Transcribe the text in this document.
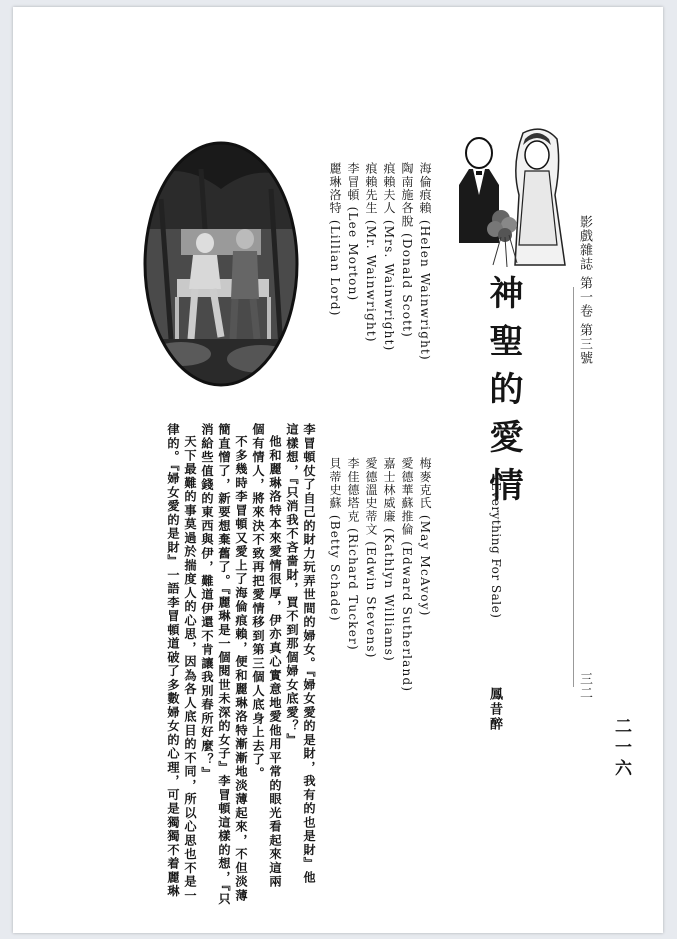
二一六
影戲雜誌 第一卷 第三號
三二
神聖的愛情
(Everything For Sale)
鳳昔醉
梅麥克氏 (May McAvoy)
愛德華蘇推倫 (Edward Sutherland)
嘉士林威廉 (Kathlyn Williams)
愛德溫史蒂文 (Edwin Stevens)
李佳德塔克 (Richard Tucker)
貝蒂史蘇 (Betty Schade)
海倫痕賴 (Helen Wainwright)
陶南施各脫 (Donald Scott)
痕賴夫人 (Mrs. Wainwright)
痕賴先生 (Mr. Wainwright)
李冒頓 (Lee Morton)
麗琳洛特 (Lillian Lord)
李冒頓仗了自己的財力玩弄世間的婦女。『婦女愛的是財，我有的也是財』他
這樣想，『只消我不吝嗇財，買不到那個婦女底愛？』
他和麗琳洛特本來愛情很厚，伊亦真心實意地愛他用平常的眼光看起來這兩
個有情人，將來決不致再把愛情移到第三個人底身上去了。
不多幾時李冒頓又愛上了海倫痕賴，便和麗琳洛特漸漸地淡薄起來，不但淡薄
簡直憎了，新要想棄舊了。『麗琳是一個閱世未深的女子』李冒頓這樣的想，『只
消給些值錢的東西與伊，難道伊還不肯讓我別春所好麼？』
天下最難的事莫過於揣度人的心思，因為各人底目的不同，所以心思也不是一
律的。『婦女愛的是財』一語李冒頓道破了多數婦女的心理，可是獨獨不着麗琳
